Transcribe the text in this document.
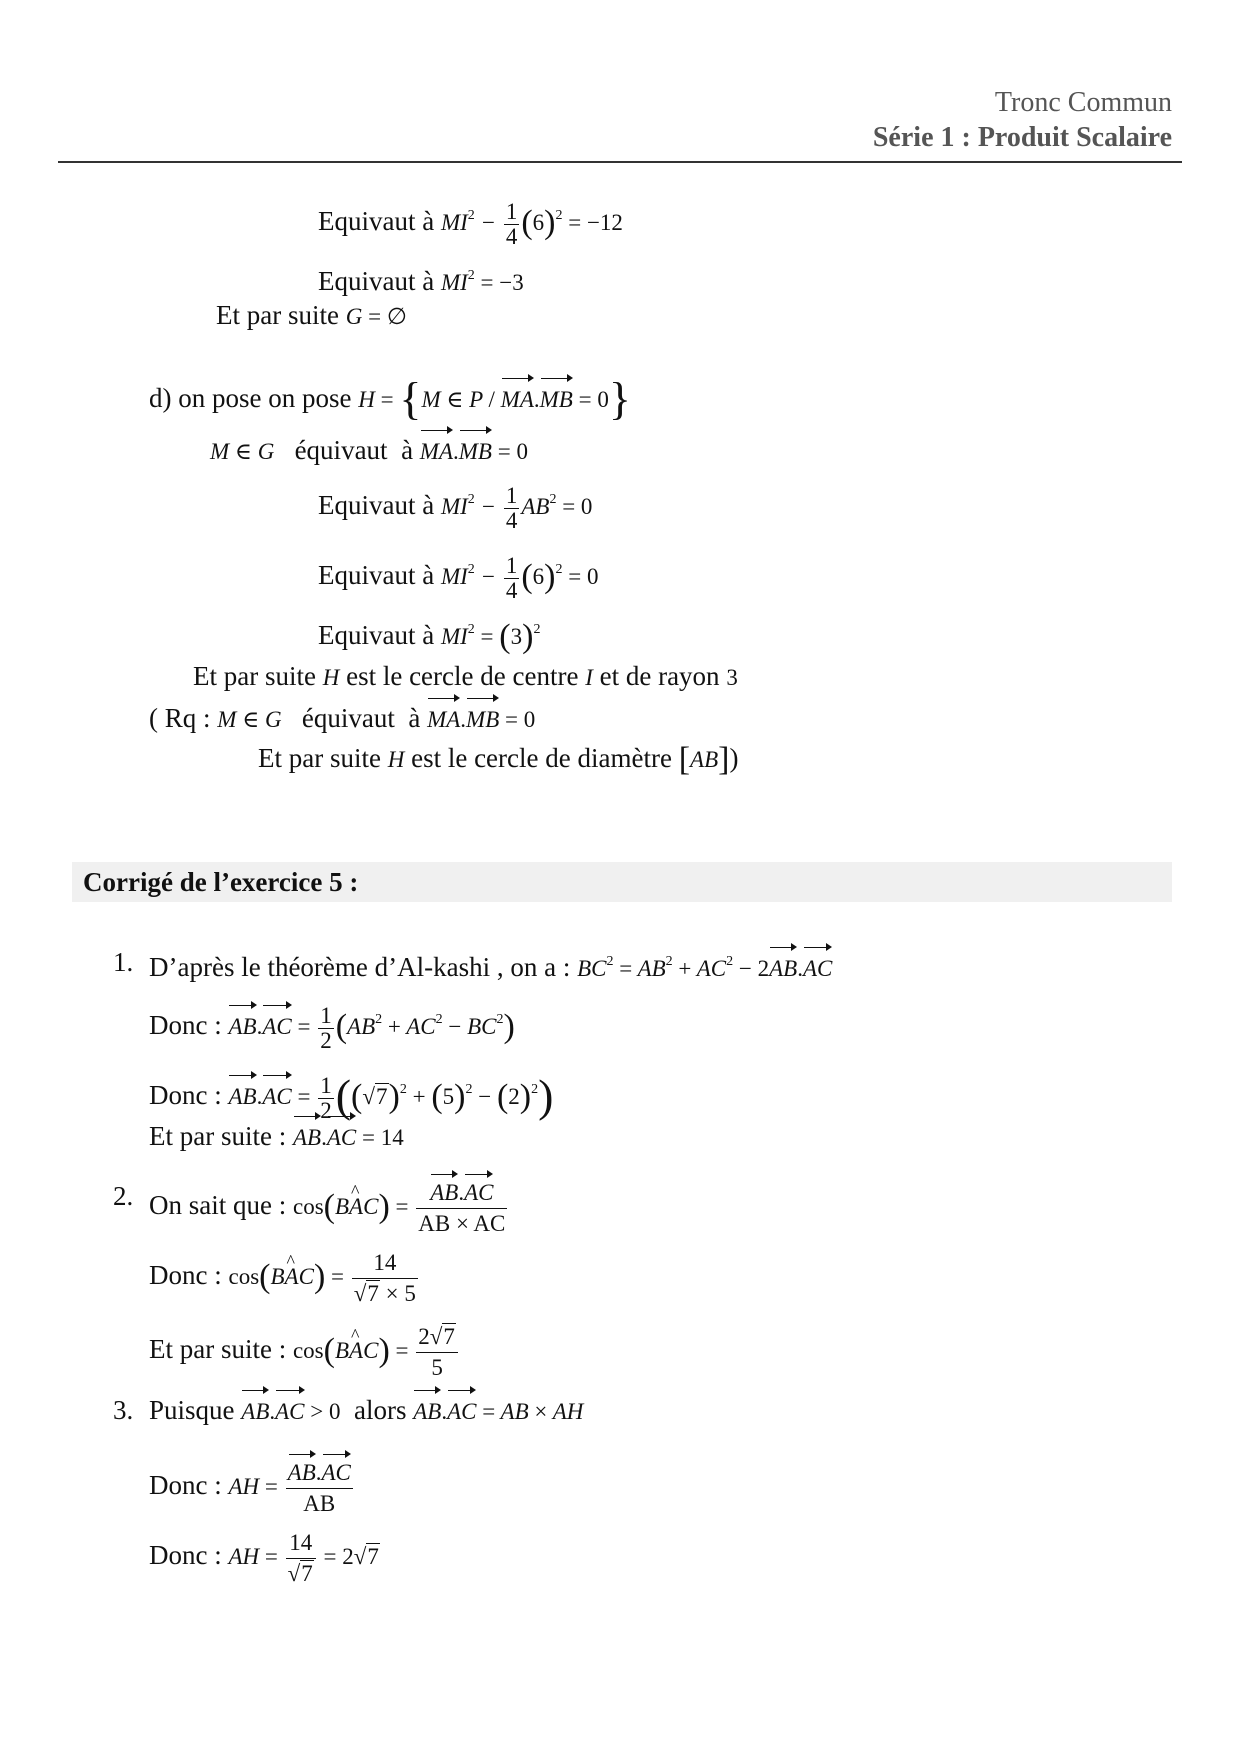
Tronc Commun
Série 1 : Produit Scalaire
Equivaut à $MI^2 - \frac{1}{4} (6)^2 = -12$
Equivaut à $MI^2 = -3$
Et par suite G = ∅
d) on pose on pose H = {M ∈ P / MA.MB = 0}
M ∈ G équivaut à MA.MB = 0
Equivaut à $MI^2 - \frac{1}{4} AB^2 = 0$
Equivaut à $MI^2 - \frac{1}{4} (6)^2 = 0$
Equivaut à $MI^2 = (3)^2$
Et par suite H est le cercle de centre I et de rayon 3
( Rq : M ∈ G équivaut à MA.MB = 0
Et par suite H est le cercle de diamètre [AB])
Corrigé de l’exercice 5 :
1. D’après le théorème d’Al-kashi , on a : $BC^2 = AB^2 + AC^2 - 2AB.AC$
Donc : $AB.AC = \frac{1}{2} (AB^2 + AC^2 - BC^2)$
Donc : $AB.AC = \frac{1}{2} ((√7)^2 + (5)^2 - (2)^2)$
Et par suite : AB.AC = 14
2. On sait que : cos(BA ^C) = $\frac{AB.AC}{AB \times AC}$
Donc : cos(BA ^C) = $\frac{14}{√7 \times 5}$
Et par suite : cos(BA ^C) = $\frac{2√7}{5}$
3. Puisque AB.AC > 0 alors AB.AC = AB × AH
Donc : AH = $\frac{AB.AC}{AB}$
Donc : AH = $\frac{14}{√7} = 2√7$
